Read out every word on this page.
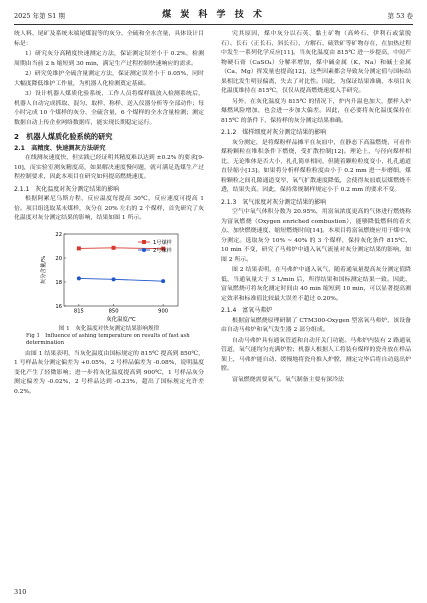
2025 年第 S1 期	煤 炭 科 学 技 术	第 53 卷

统人料、尾矿及系统末端尾煤混等的灰分、全硫和全水含量，具体设计目标是：

1）研究灰分高精度快速测定方法，保证测定误差小于 0.2%，检测周期由当前 2 h 缩短到 30 min，满足生产过程控制快速响应的需求。

2）研究免维护全硫含量测定方法，保证测定误差小于 0.05%，同时大幅度降低维护工作量，为机器人化检测奠定基础。

3）设计机器人煤质化验系统，工作人员将煤样瓶放入检测系统后，机器人自动完成抓取、混匀、取样、称样、送入仪器分析等全部动作；每小时完成 10 个煤样的灰分、全硫含量，6 个煤样的全水含量检测；测定数据自动上传企业网络数据库，能实现长期稳定运行。

2　机器人煤质化验系统的研究
2.1　高精度、快速测灰方法研究

在线测灰速度快，但实践已经证明其精度难以达到 ±0.2% 的要求[9-10]，而实验室测灰精度高，如果解决速度慢问题，就可满足选煤生产过程控制要求，因此本项目在研究如何提高燃烧速度。

2.1.1　灰化温度对灰分测定结果的影响

根据阿累尼乌斯方程，反应温度每提高 30℃，反应速度可提高 1 倍。项目组选取某末煤样，灰分在 20% 左右的 2 个煤样，首先研究了灰化温度对灰分测定结果的影响，结果如图 1 所示。

16
18
20
22
815	850	900
灰化温度/℃
灰分含量/%
1号煤样
2号煤样
图 1　灰化温度对快灰测定结果影响规律
Fig 1　Influence of ashing temperature on results of fast ash determination

由图 1 结果表明，当灰化温度由国标规定的 815℃ 提高到 850℃，1 号样品灰分测定偏差为 +0.05%，2 号样品偏差为 -0.08%，说明温度变化产生了轻微影响；进一步将灰化温度提高到 900℃，1 号样品灰分测定偏差为 -0.02%，2 号样品达到 -0.23%，超出了国标规定允许差 0.2%。

究其原因，煤中灰分以石英、黏土矿物（高岭石、伊利石或蒙脱石）、长石（正长石、斜长石）、方解石、硫铁矿等矿物存在，在加热过程中发生一系列化学反应[11]。当灰化温度由 815℃ 进一步提高，中间产物硬石膏（CaSO₄）分解率增加，煤中碱金属（K、Na）和碱土金属（Ca、Mg）挥发量也提高[12]，这些因素都会导致灰分测定值与国标结果相比发生明显偏离，失去了对比性。因此，为保证结果准确，本项目灰化温度维持在 815℃，仅仅从提高燃烧速度入手研究。

另外，在灰化温度为 815℃ 的情况下，炉内升温也加大，摆样入炉爆燃风险增加，也会进一步加大偏差。因此，在必要将灰化温度保持在 815℃ 的条件下，保持样的灰分测定结果准确。

2.1.2　煤样细度对灰分测定结果的影响

灰分测定，是将煤粉样品摊平在灰皿中，在静态下高温燃烧，可看作煤粉颗粒在堆积条件下燃烧，受扩散控制[12]。理论上，与径向煤样相比，无论堆体是否大小，扎孔简单相同，但随着颗粒粒度变小，扎孔通道直径缩小[13]。如果将分析样煤粒粒度由小于 0.2 mm 进一步磨细，煤粉颗粒之间孔隙通道变窄，氧气扩散速度降低，会使得灰皿底层煤燃烧不透，结果失真。因此，保持常规制样规定小于 0.2 mm 的要求不变。

2.1.3　氧气浓度对灰分测定结果的影响

空气中氧气体积分数为 20.95%，用富氧浓度更高的气体进行燃烧称为富氧燃烧（Oxygen enriched combustion），能够降低燃料的着火点、加快燃烧速度、缩短燃烧时间[14]。本项目将富氧燃烧应用于煤中灰分测定。选取灰分 10% ~ 40% 的 3 个煤样，保持灰化条件 815℃、10 min 不变，研究了马弗炉中通入氧气流量对灰分测定结果的影响，如图 2 所示。

图 2 结果表明，在马弗炉中通入氧气，随着通氧量提高灰分测定值降低，当通氧量大于 3 L/min 后，所得结果和国标测定结果一致。因此，富氧燃烧可将灰化测定时间由 40 min 缩短到 10 min，可以显著提高测定效率和标准值比较最大误差不超过 0.20%。

2.1.4　富氧马弗炉

根据富氧燃烧原理研制了 CTM300-Oxygen 型富氧马弗炉，该设备由自动马弗炉和氧气发生器 2 部分组成。

自动马弗炉具有通氧管道和自动开关门功能。马弗炉内装有 2 路通氧管道，氧气能均匀充满炉腔；机器人根据人工将装有煤样的瓷舟放在样品架上，马弗炉能自动、缓慢地将瓷舟推入炉膛，测定完毕后将自动退出炉膛。

富氧燃烧需要氧气。氧气制备主要有深冷法

310
